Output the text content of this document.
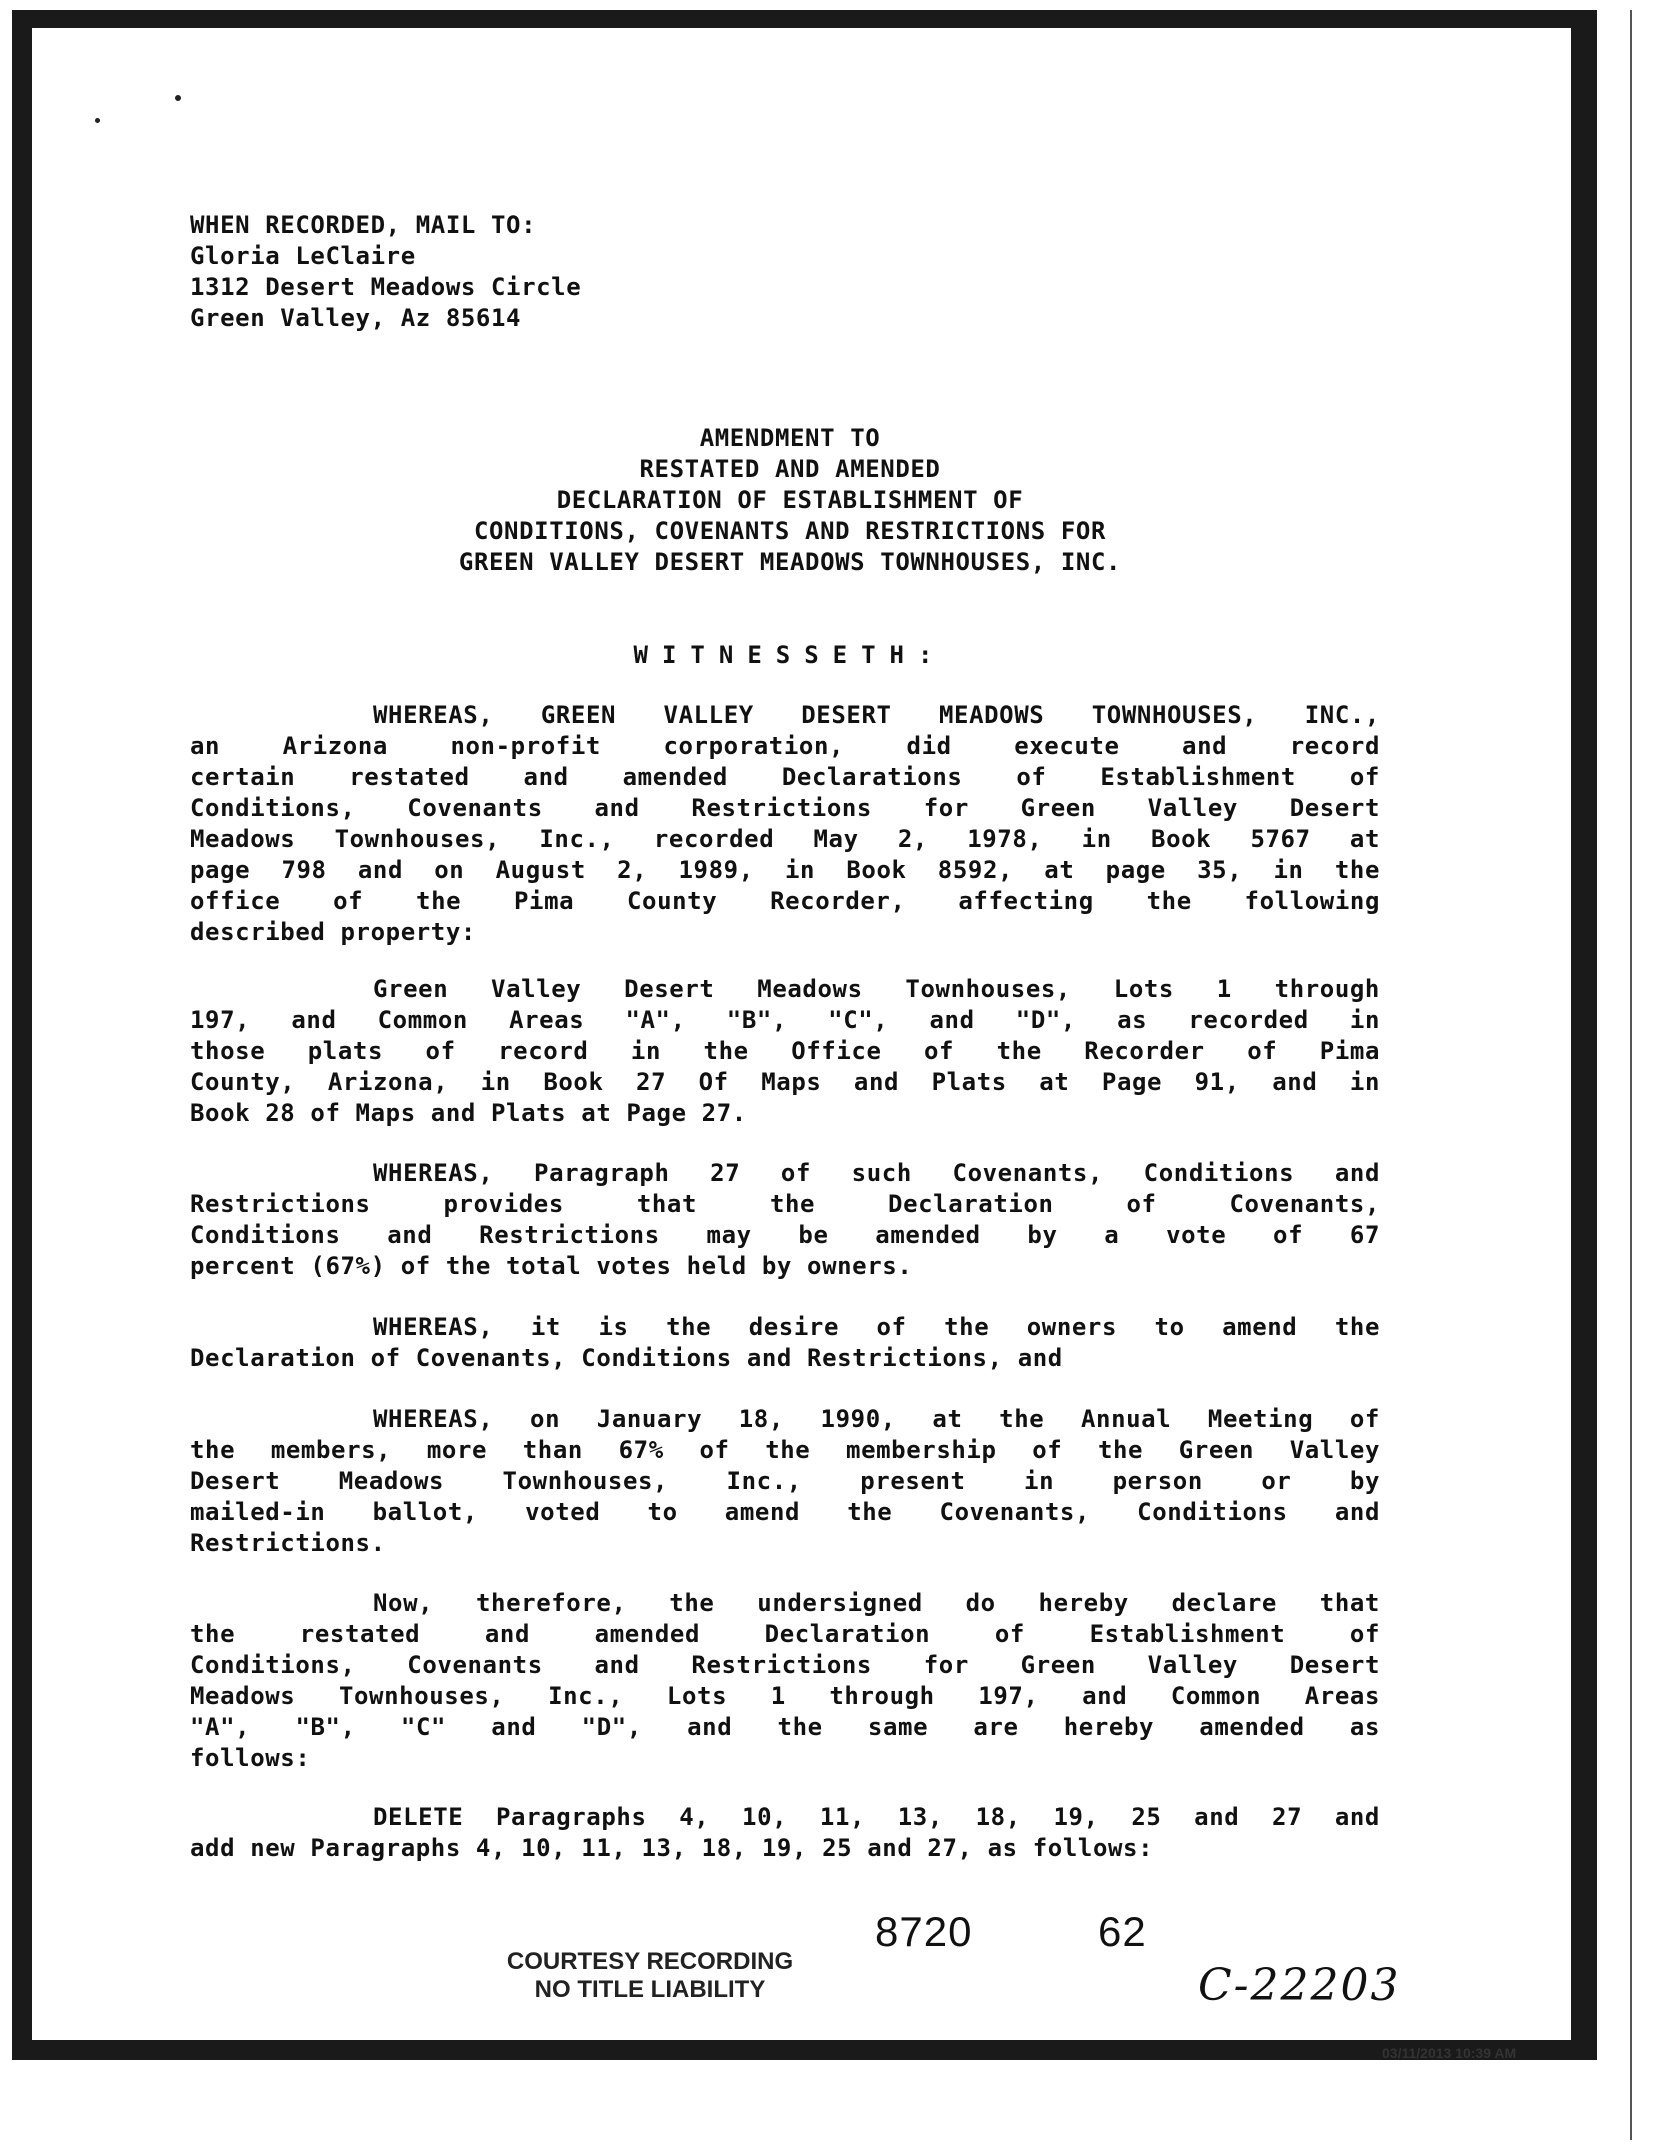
WHEN RECORDED, MAIL TO:
Gloria LeClaire
1312 Desert Meadows Circle
Green Valley, Az 85614
AMENDMENT TO
RESTATED AND AMENDED
DECLARATION OF ESTABLISHMENT OF
CONDITIONS, COVENANTS AND RESTRICTIONS FOR
GREEN VALLEY DESERT MEADOWS TOWNHOUSES, INC.
WITNESSETH:
WHEREAS, GREEN VALLEY DESERT MEADOWS TOWNHOUSES, INC.,
an Arizona non-profit corporation, did execute and record
certain restated and amended Declarations of Establishment of
Conditions, Covenants and Restrictions for Green Valley Desert
Meadows Townhouses, Inc., recorded May 2, 1978, in Book 5767 at
page 798 and on August 2, 1989, in Book 8592, at page 35, in the
office of the Pima County Recorder, affecting the following
described property:
Green Valley Desert Meadows Townhouses, Lots 1 through
197, and Common Areas "A", "B", "C", and "D", as recorded in
those plats of record in the Office of the Recorder of Pima
County, Arizona, in Book 27 Of Maps and Plats at Page 91, and in
Book 28 of Maps and Plats at Page 27.
WHEREAS, Paragraph 27 of such Covenants, Conditions and
Restrictions provides that the Declaration of Covenants,
Conditions and Restrictions may be amended by a vote of 67
percent (67%) of the total votes held by owners.
WHEREAS, it is the desire of the owners to amend the
Declaration of Covenants, Conditions and Restrictions, and
WHEREAS, on January 18, 1990, at the Annual Meeting of
the members, more than 67% of the membership of the Green Valley
Desert Meadows Townhouses, Inc., present in person or by
mailed-in ballot, voted to amend the Covenants, Conditions and
Restrictions.
Now, therefore, the undersigned do hereby declare that
the restated and amended Declaration of Establishment of
Conditions, Covenants and Restrictions for Green Valley Desert
Meadows Townhouses, Inc., Lots 1 through 197, and Common Areas
"A", "B", "C" and "D", and the same are hereby amended as
follows:
DELETE Paragraphs 4, 10, 11, 13, 18, 19, 25 and 27 and
add new Paragraphs 4, 10, 11, 13, 18, 19, 25 and 27, as follows:
COURTESY RECORDING
NO TITLE LIABILITY
8720	62
C-22203
03/11/2013 10:39 AM
